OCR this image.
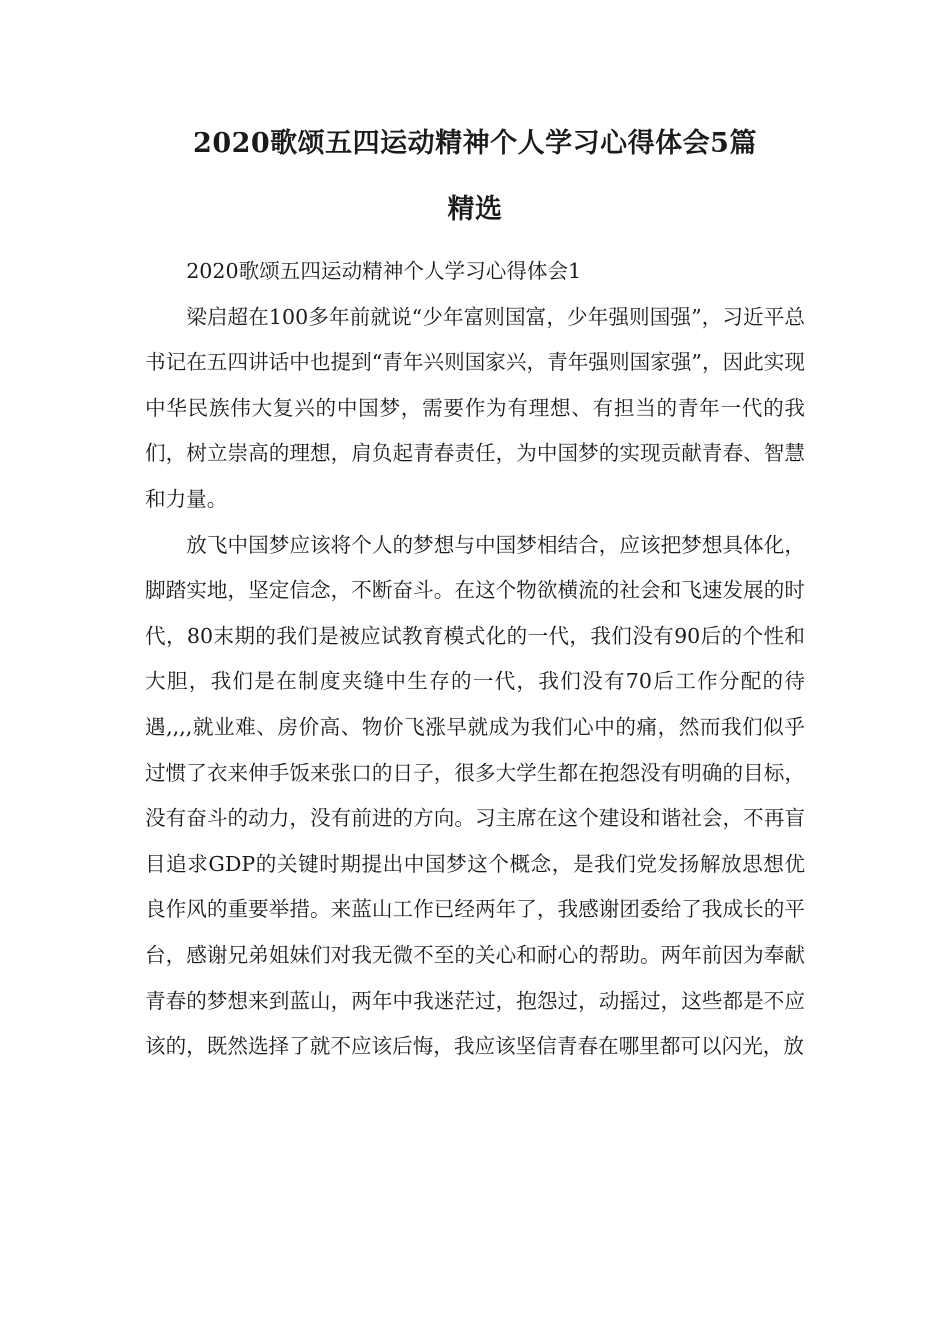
2020歌颂五四运动精神个人学习心得体会5篇
精选

2020歌颂五四运动精神个人学习心得体会1

梁启超在100多年前就说“少年富则国富，少年强则国强”，习近平总书记在五四讲话中也提到“青年兴则国家兴，青年强则国家强”，因此实现中华民族伟大复兴的中国梦，需要作为有理想、有担当的青年一代的我们，树立崇高的理想，肩负起青春责任，为中国梦的实现贡献青春、智慧和力量。

放飞中国梦应该将个人的梦想与中国梦相结合，应该把梦想具体化，脚踏实地，坚定信念，不断奋斗。在这个物欲横流的社会和飞速发展的时代，80末期的我们是被应试教育模式化的一代，我们没有90后的个性和大胆，我们是在制度夹缝中生存的一代，我们没有70后工作分配的待遇,,,,就业难、房价高、物价飞涨早就成为我们心中的痛，然而我们似乎过惯了衣来伸手饭来张口的日子，很多大学生都在抱怨没有明确的目标，没有奋斗的动力，没有前进的方向。习主席在这个建设和谐社会，不再盲目追求GDP的关键时期提出中国梦这个概念，是我们党发扬解放思想优良作风的重要举措。来蓝山工作已经两年了，我感谢团委给了我成长的平台，感谢兄弟姐妹们对我无微不至的关心和耐心的帮助。两年前因为奉献青春的梦想来到蓝山，两年中我迷茫过，抱怨过，动摇过，这些都是不应该的，既然选择了就不应该后悔，我应该坚信青春在哪里都可以闪光，放
